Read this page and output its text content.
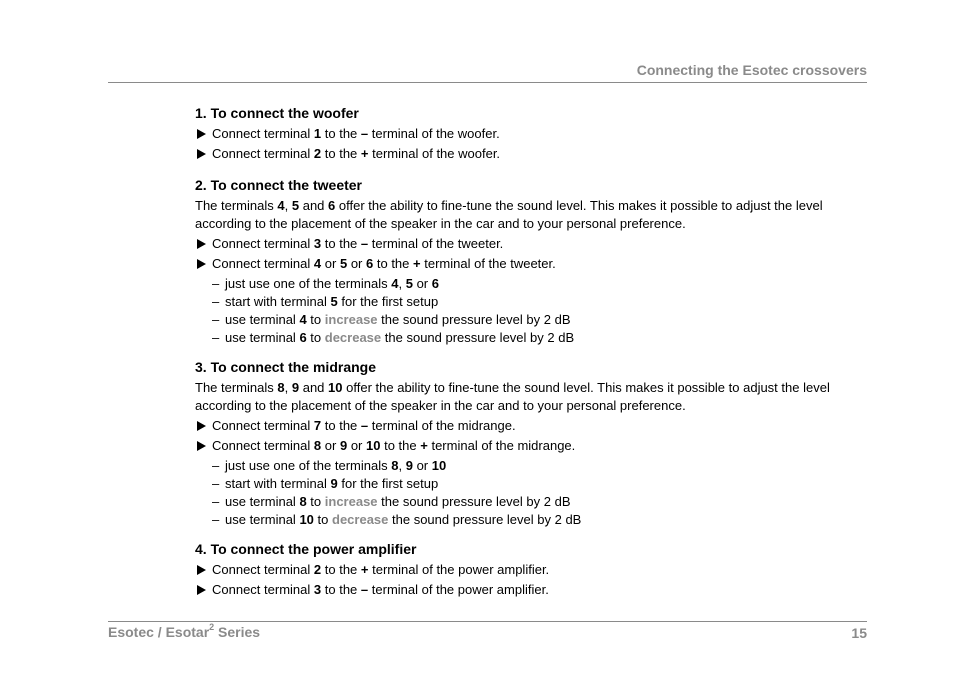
Connecting the Esotec crossovers
1. To connect the woofer
Connect terminal 1 to the – terminal of the woofer.
Connect terminal 2 to the + terminal of the woofer.
2. To connect the tweeter
The terminals 4, 5 and 6 offer the ability to fine-tune the sound level. This makes it possible to adjust the level
according to the placement of the speaker in the car and to your personal preference.
Connect terminal 3 to the – terminal of the tweeter.
Connect terminal 4 or 5 or 6 to the + terminal of the tweeter.
– just use one of the terminals 4, 5 or 6
– start with terminal 5 for the first setup
– use terminal 4 to increase the sound pressure level by 2 dB
– use terminal 6 to decrease the sound pressure level by 2 dB
3. To connect the midrange
The terminals 8, 9 and 10 offer the ability to fine-tune the sound level. This makes it possible to adjust the level
according to the placement of the speaker in the car and to your personal preference.
Connect terminal 7 to the – terminal of the midrange.
Connect terminal 8 or 9 or 10 to the + terminal of the midrange.
– just use one of the terminals 8, 9 or 10
– start with terminal 9 for the first setup
– use terminal 8 to increase the sound pressure level by 2 dB
– use terminal 10 to decrease the sound pressure level by 2 dB
4. To connect the power amplifier
Connect terminal 2 to the + terminal of the power amplifier.
Connect terminal 3 to the – terminal of the power amplifier.
Esotec / Esotar$^2$ Series	15
